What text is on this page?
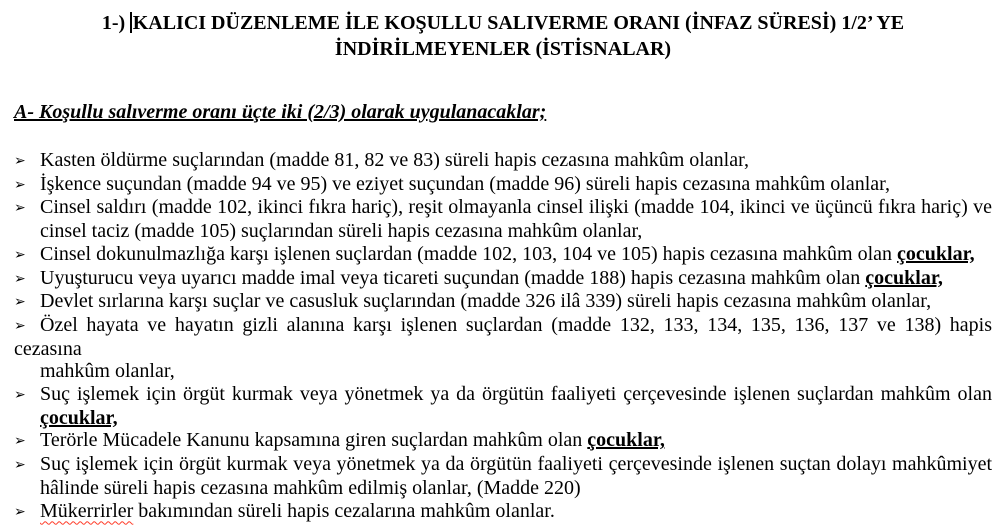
1-) KALICI DÜZENLEME İLE KOŞULLU SALIVERME ORANI (İNFAZ SÜRESİ) 1/2’ YE
İNDİRİLMEYENLER (İSTİSNALAR)
A- Koşullu salıverme oranı üçte iki (2/3) olarak uygulanacaklar;
➢ Kasten öldürme suçlarından (madde 81, 82 ve 83) süreli hapis cezasına mahkûm olanlar,
➢ İşkence suçundan (madde 94 ve 95) ve eziyet suçundan (madde 96) süreli hapis cezasına mahkûm olanlar,
➢ Cinsel saldırı (madde 102, ikinci fıkra hariç), reşit olmayanla cinsel ilişki (madde 104, ikinci ve üçüncü fıkra hariç) ve
cinsel taciz (madde 105) suçlarından süreli hapis cezasına mahkûm olanlar,
➢ Cinsel dokunulmazlığa karşı işlenen suçlardan (madde 102, 103, 104 ve 105) hapis cezasına mahkûm olan çocuklar,
➢ Uyuşturucu veya uyarıcı madde imal veya ticareti suçundan (madde 188) hapis cezasına mahkûm olan çocuklar,
➢ Devlet sırlarına karşı suçlar ve casusluk suçlarından (madde 326 ilâ 339) süreli hapis cezasına mahkûm olanlar,
➢ Özel hayata ve hayatın gizli alanına karşı işlenen suçlardan (madde 132, 133, 134, 135, 136, 137 ve 138) hapis cezasına
mahkûm olanlar,
➢ Suç işlemek için örgüt kurmak veya yönetmek ya da örgütün faaliyeti çerçevesinde işlenen suçlardan mahkûm olan
çocuklar,
➢ Terörle Mücadele Kanunu kapsamına giren suçlardan mahkûm olan çocuklar,
➢ Suç işlemek için örgüt kurmak veya yönetmek ya da örgütün faaliyeti çerçevesinde işlenen suçtan dolayı mahkûmiyet
hâlinde süreli hapis cezasına mahkûm edilmiş olanlar, (Madde 220)
➢ Mükerrirler bakımından süreli hapis cezalarına mahkûm olanlar.
